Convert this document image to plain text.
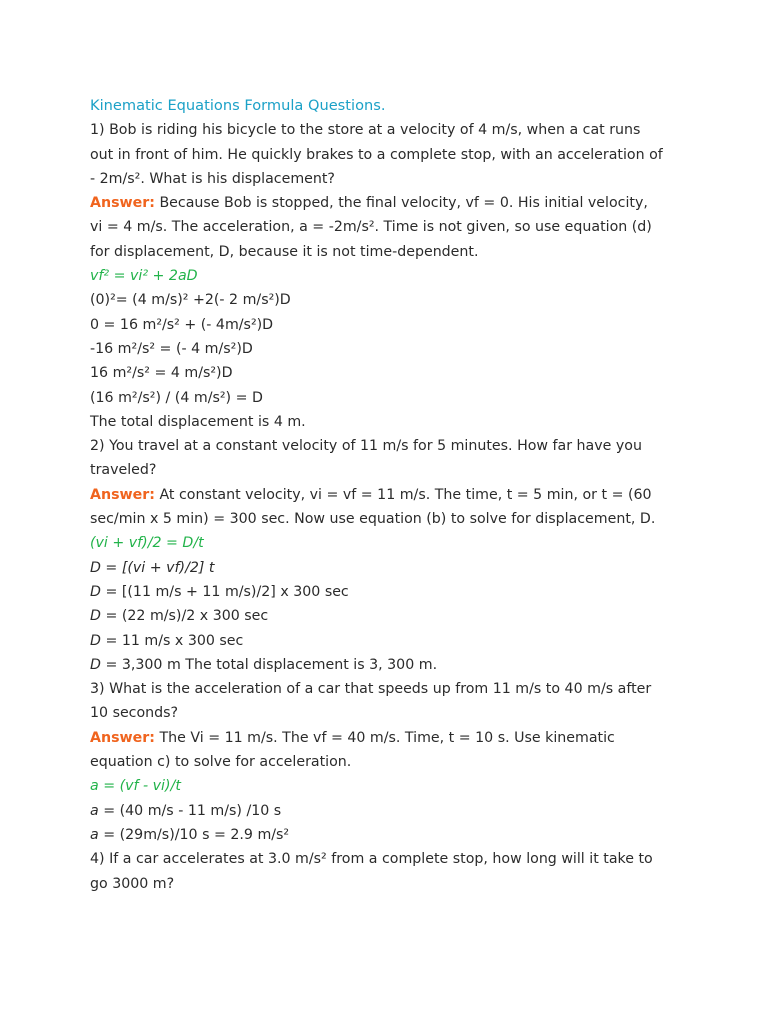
Kinematic Equations Formula Questions.
1) Bob is riding his bicycle to the store at a velocity of 4 m/s, when a cat runs
out in front of him. He quickly brakes to a complete stop, with an acceleration of
- 2m/s². What is his displacement?
Answer: Because Bob is stopped, the final velocity, vf = 0. His initial velocity,
vi = 4 m/s. The acceleration, a = -2m/s². Time is not given, so use equation (d)
for displacement, D, because it is not time-dependent.
vf² = vi² + 2aD
(0)²= (4 m/s)² +2(- 2 m/s²)D
0 = 16 m²/s² + (- 4m/s²)D
-16 m²/s² = (- 4 m/s²)D
16 m²/s² = 4 m/s²)D
(16 m²/s²) / (4 m/s²) = D
The total displacement is 4 m.
2) You travel at a constant velocity of 11 m/s for 5 minutes. How far have you
traveled?
Answer: At constant velocity, vi = vf = 11 m/s. The time, t = 5 min, or t = (60
sec/min x 5 min) = 300 sec. Now use equation (b) to solve for displacement, D.
(vi + vf)/2 = D/t
D = [(vi + vf)/2] t
D = [(11 m/s + 11 m/s)/2] x 300 sec
D = (22 m/s)/2 x 300 sec
D = 11 m/s x 300 sec
D = 3,300 m The total displacement is 3, 300 m.
3) What is the acceleration of a car that speeds up from 11 m/s to 40 m/s after
10 seconds?
Answer: The Vi = 11 m/s. The vf = 40 m/s. Time, t = 10 s. Use kinematic
equation c) to solve for acceleration.
a = (vf - vi)/t
a = (40 m/s - 11 m/s) /10 s
a = (29m/s)/10 s = 2.9 m/s²
4) If a car accelerates at 3.0 m/s² from a complete stop, how long will it take to
go 3000 m?
